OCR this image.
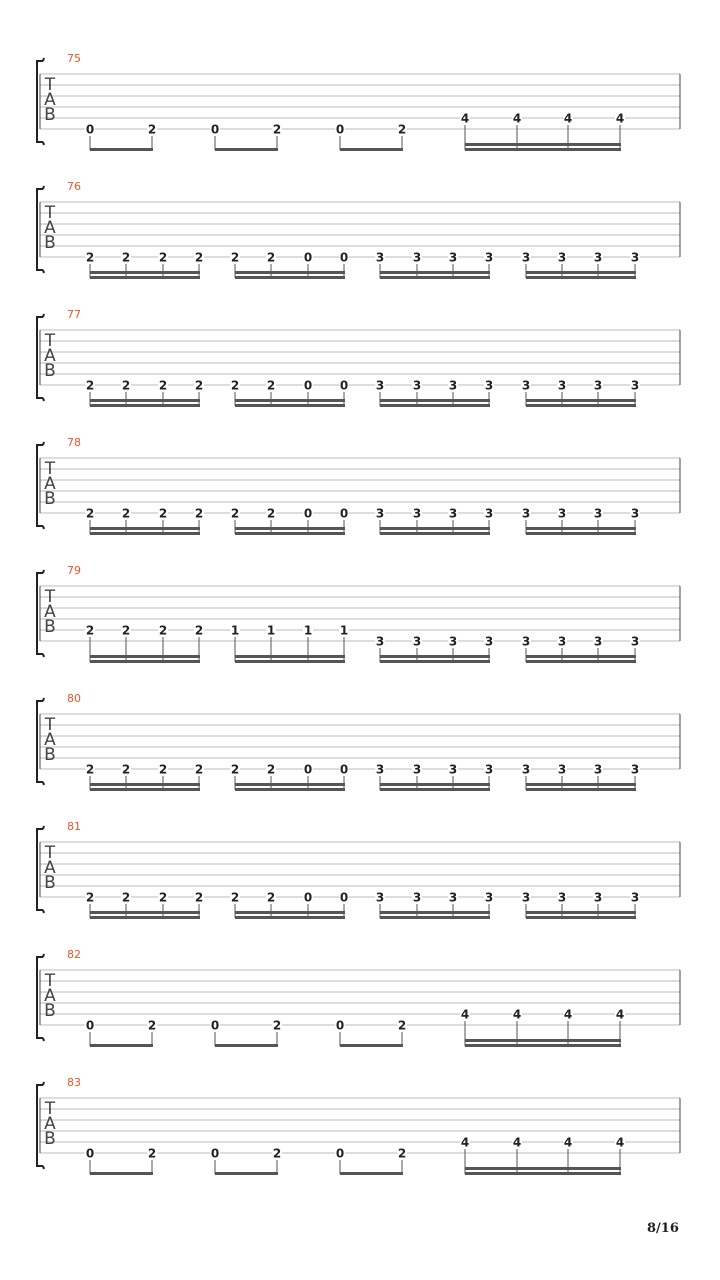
T
A
B
75
0	2	0	2	0	2
4	4	4	4
T
A
B
76
2 2 2 2 2 2 0 0 3 3 3 3 3 3 3 3
T
A
B
77
2 2 2 2 2 2 0 0 3 3 3 3 3 3 3 3
T
A
B
78
2 2 2 2 2 2 0 0 3 3 3 3 3 3 3 3
T
A
B
79
2 2 2 2 1 1 1 1
3 3 3 3 3 3 3 3
T
A
B
80
2 2 2 2 2 2 0 0 3 3 3 3 3 3 3 3
T
A
B
81
2 2 2 2 2 2 0 0 3 3 3 3 3 3 3 3
T
A
B
82
0	2	0	2	0	2
4	4	4	4
T
A
B
83
0	2	0	2	0	2
4	4	4	4
8/16
